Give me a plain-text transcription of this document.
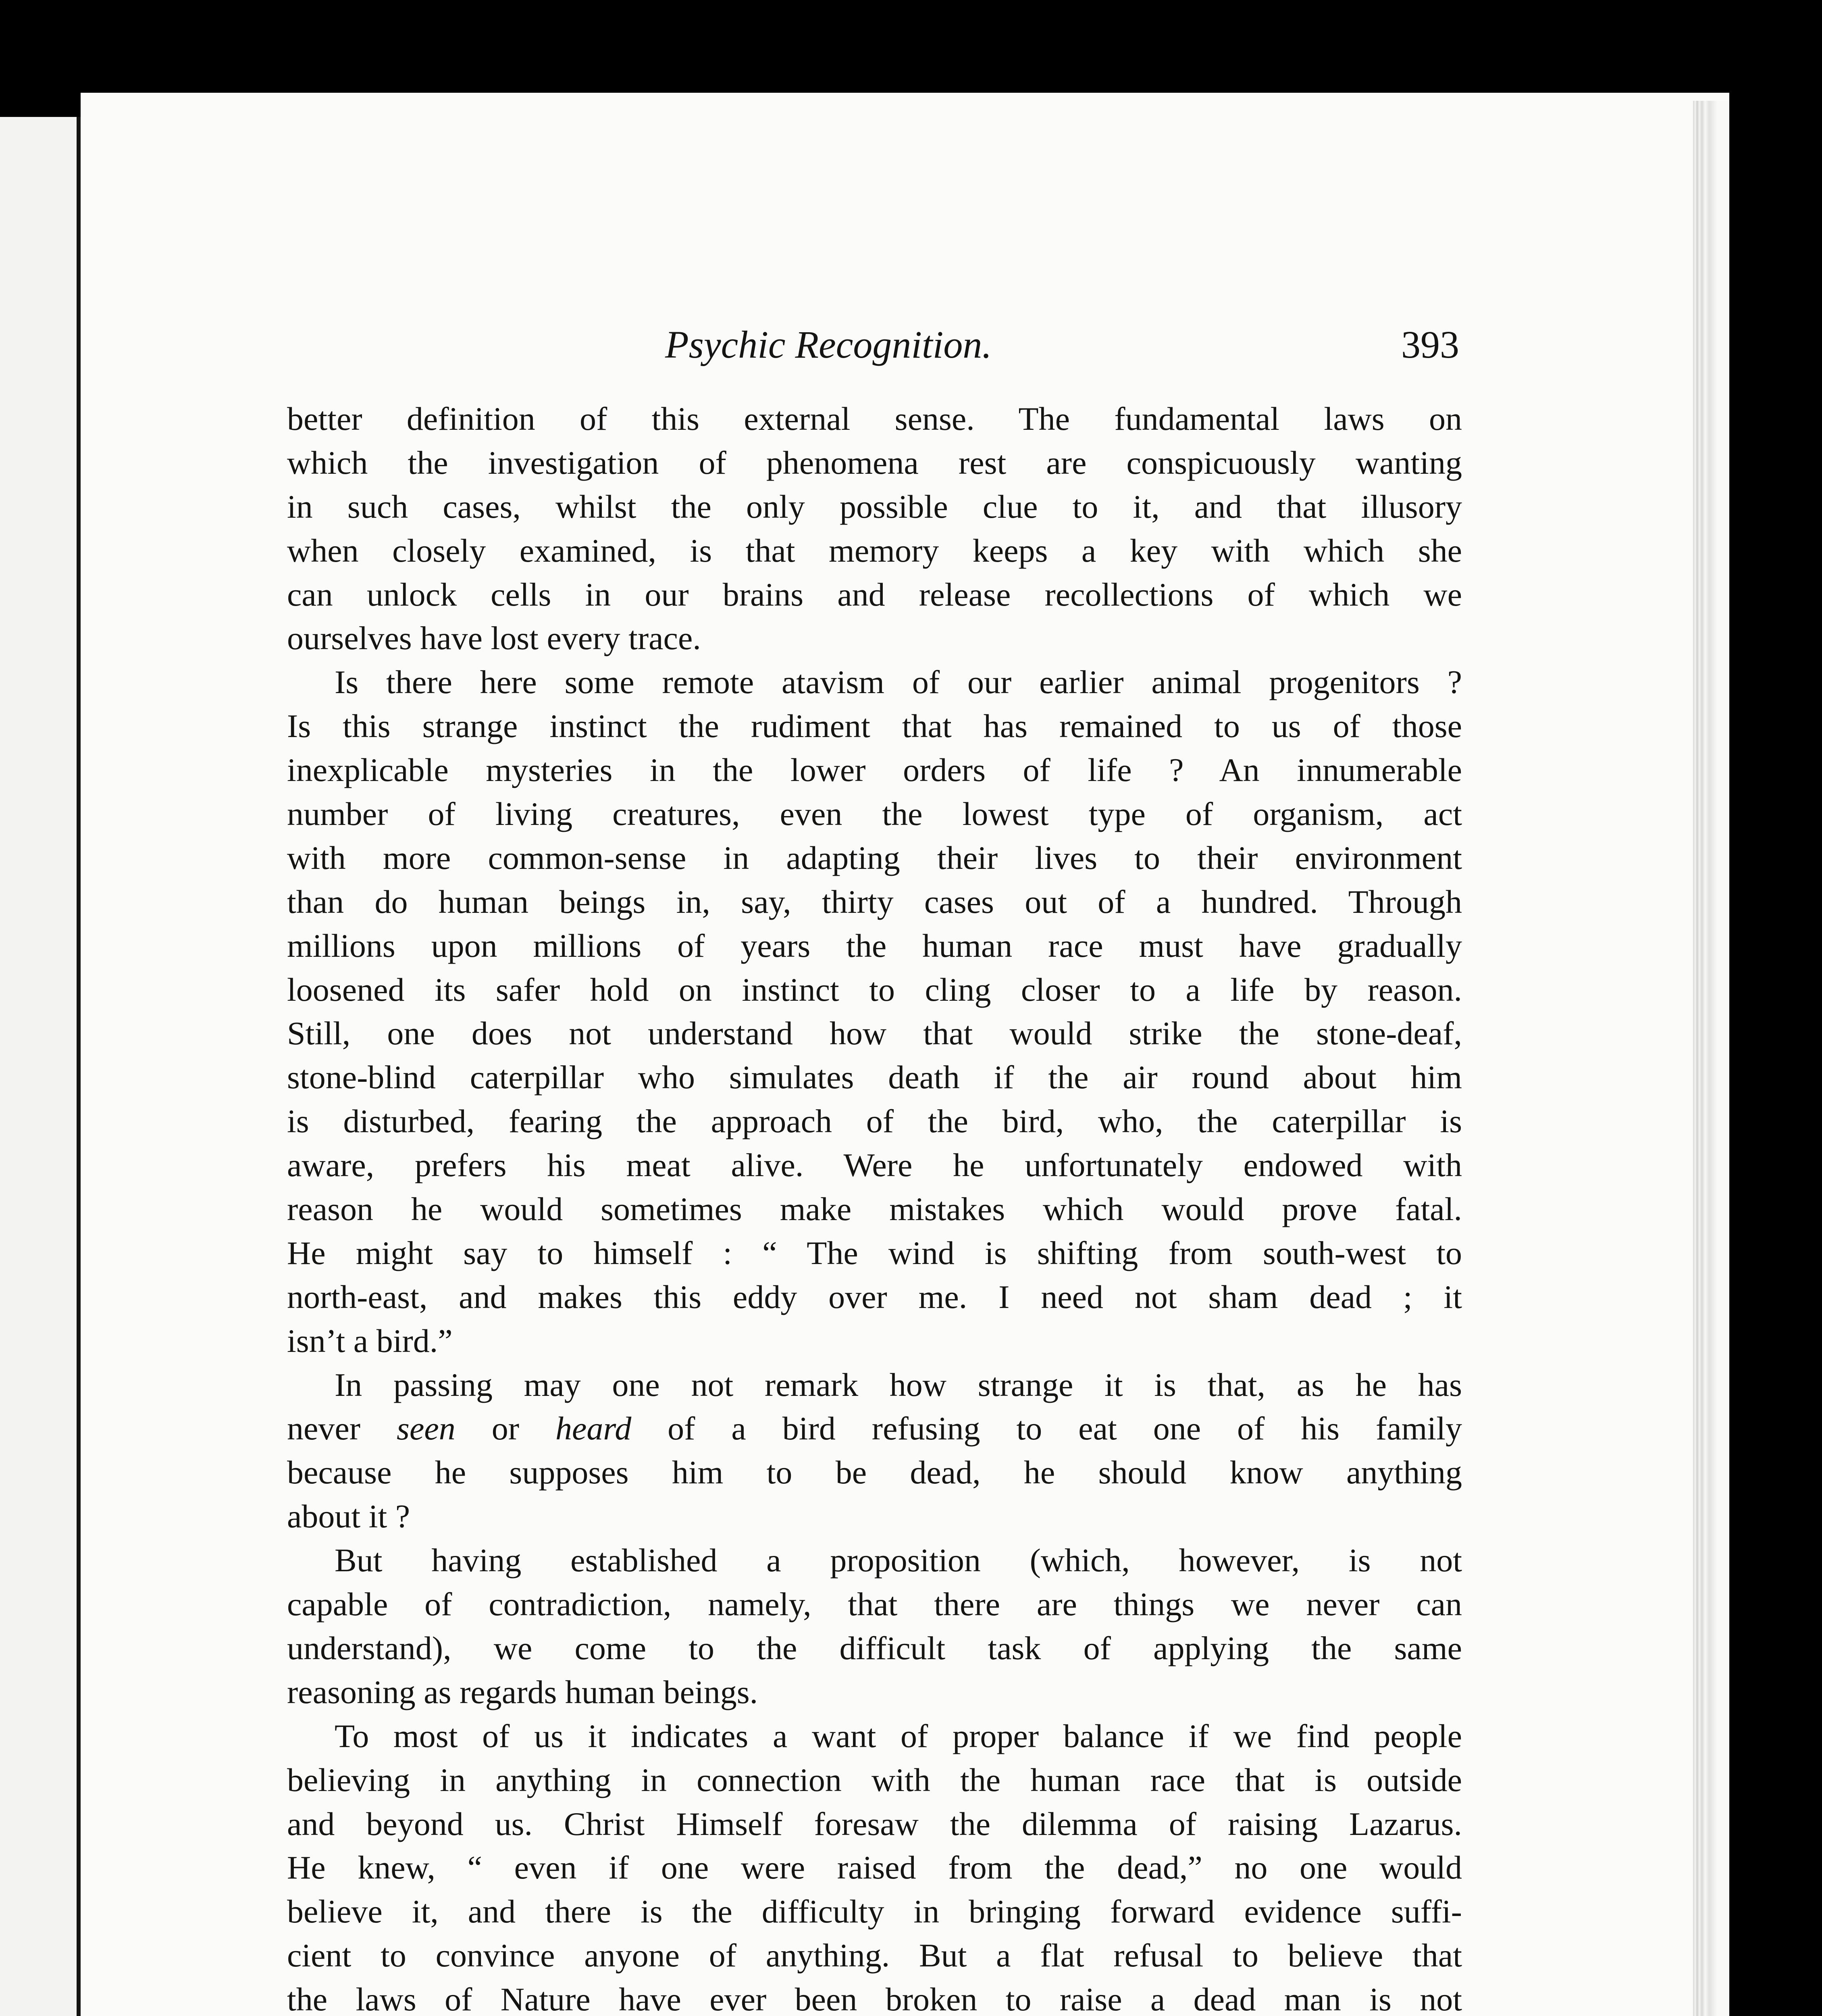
Psychic Recognition.	393
better definition of this external sense. The fundamental laws on
which the investigation of phenomena rest are conspicuously wanting
in such cases, whilst the only possible clue to it, and that illusory
when closely examined, is that memory keeps a key with which she
can unlock cells in our brains and release recollections of which we
ourselves have lost every trace.
Is there here some remote atavism of our earlier animal progenitors ?
Is this strange instinct the rudiment that has remained to us of those
inexplicable mysteries in the lower orders of life ? An innumerable
number of living creatures, even the lowest type of organism, act
with more common-sense in adapting their lives to their environment
than do human beings in, say, thirty cases out of a hundred. Through
millions upon millions of years the human race must have gradually
loosened its safer hold on instinct to cling closer to a life by reason.
Still, one does not understand how that would strike the stone-deaf,
stone-blind caterpillar who simulates death if the air round about him
is disturbed, fearing the approach of the bird, who, the caterpillar is
aware, prefers his meat alive. Were he unfortunately endowed with
reason he would sometimes make mistakes which would prove fatal.
He might say to himself : “ The wind is shifting from south-west to
north-east, and makes this eddy over me. I need not sham dead ; it
isn’t a bird.”
In passing may one not remark how strange it is that, as he has
never seen or heard of a bird refusing to eat one of his family
because he supposes him to be dead, he should know anything
about it ?
But having established a proposition (which, however, is not
capable of contradiction, namely, that there are things we never can
understand), we come to the difficult task of applying the same
reasoning as regards human beings.
To most of us it indicates a want of proper balance if we find people
believing in anything in connection with the human race that is outside
and beyond us. Christ Himself foresaw the dilemma of raising Lazarus.
He knew, “ even if one were raised from the dead,” no one would
believe it, and there is the difficulty in bringing forward evidence suffi-
cient to convince anyone of anything. But a flat refusal to believe that
the laws of Nature have ever been broken to raise a dead man is not
